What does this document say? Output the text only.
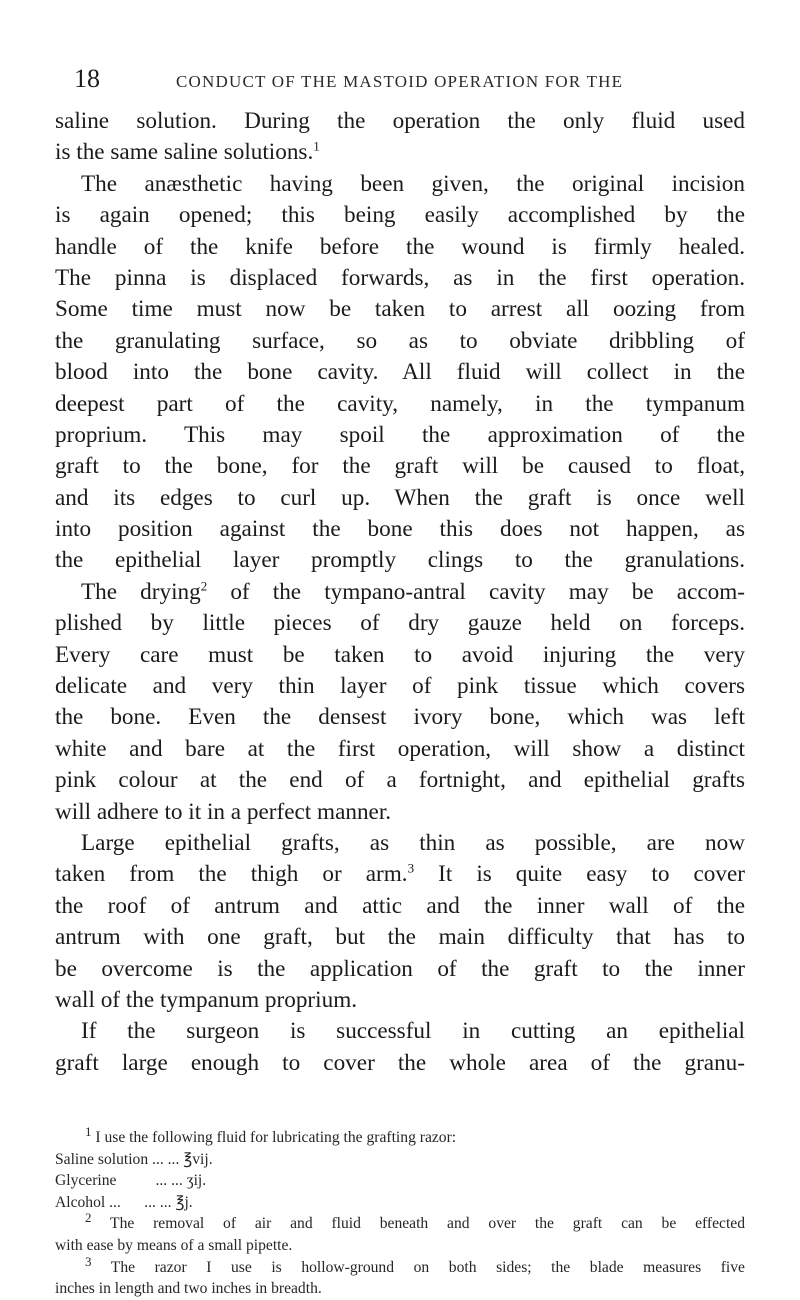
18	CONDUCT OF THE MASTOID OPERATION FOR THE
saline solution. During the operation the only fluid used
is the same saline solutions.$^1$
The anæsthetic having been given, the original incision
is again opened; this being easily accomplished by the
handle of the knife before the wound is firmly healed.
The pinna is displaced forwards, as in the first operation.
Some time must now be taken to arrest all oozing from
the granulating surface, so as to obviate dribbling of
blood into the bone cavity. All fluid will collect in the
deepest part of the cavity, namely, in the tympanum
proprium. This may spoil the approximation of the
graft to the bone, for the graft will be caused to float,
and its edges to curl up. When the graft is once well
into position against the bone this does not happen, as
the epithelial layer promptly clings to the granulations.
The drying$^2$ of the tympano-antral cavity may be accom-
plished by little pieces of dry gauze held on forceps.
Every care must be taken to avoid injuring the very
delicate and very thin layer of pink tissue which covers
the bone. Even the densest ivory bone, which was left
white and bare at the first operation, will show a distinct
pink colour at the end of a fortnight, and epithelial grafts
will adhere to it in a perfect manner.
Large epithelial grafts, as thin as possible, are now
taken from the thigh or arm.$^3$ It is quite easy to cover
the roof of antrum and attic and the inner wall of the
antrum with one graft, but the main difficulty that has to
be overcome is the application of the graft to the inner
wall of the tympanum proprium.
If the surgeon is successful in cutting an epithelial
graft large enough to cover the whole area of the granu-
$^1$ I use the following fluid for lubricating the grafting razor:
Saline solution ... ... ℥vij.
Glycerine ... ... ʒij.
Alcohol ... ... ... ℥j.
$^2$ The removal of air and fluid beneath and over the graft can be effected
with ease by means of a small pipette.
$^3$ The razor I use is hollow-ground on both sides; the blade measures five
inches in length and two inches in breadth.
